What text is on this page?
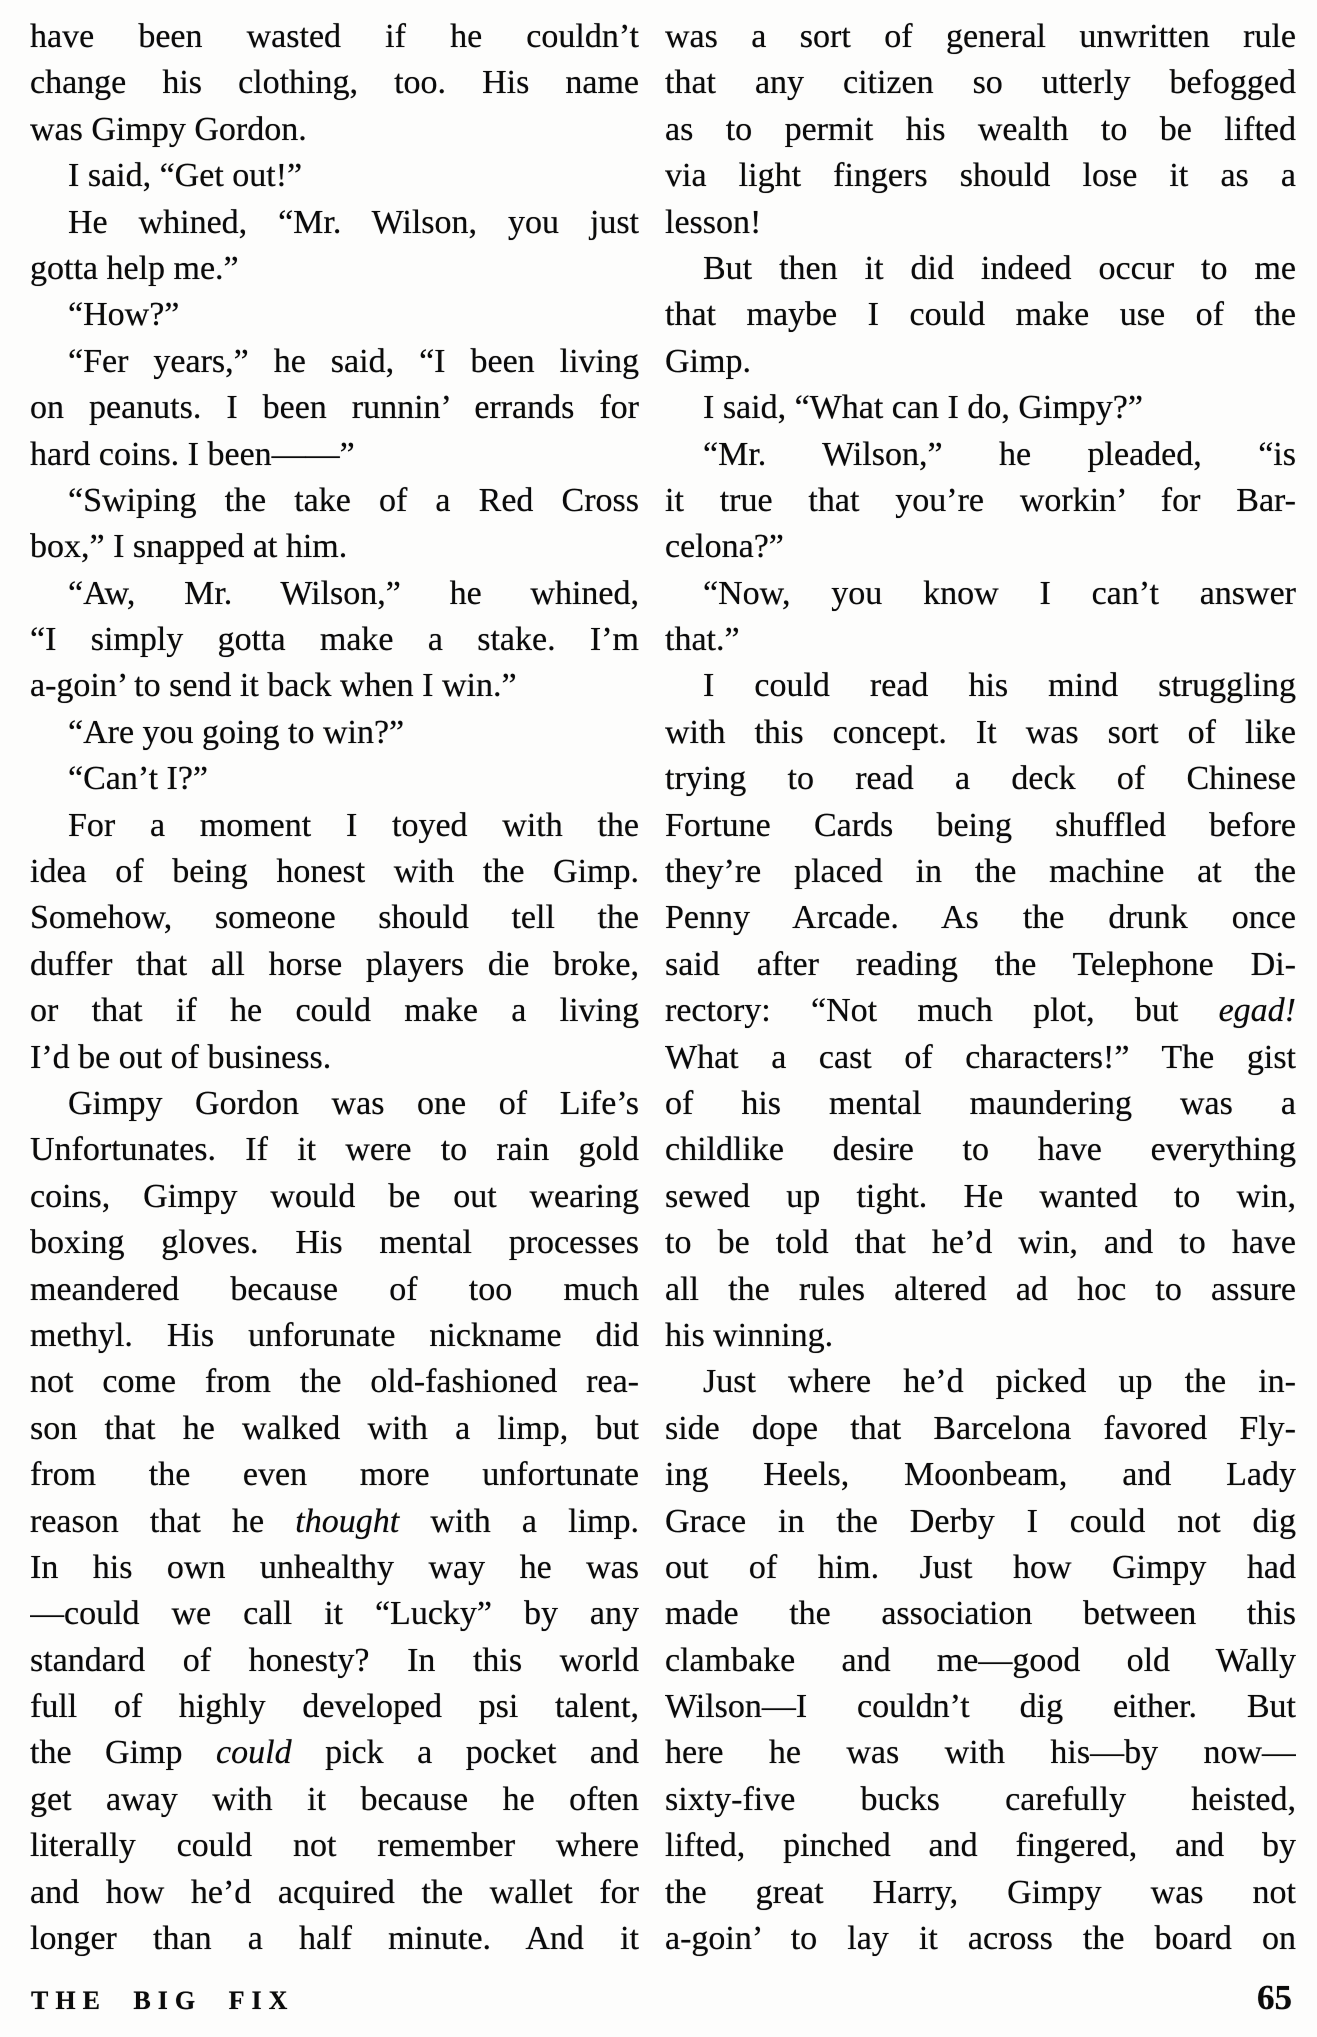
have been wasted if he couldn’t
change his clothing, too. His name
was Gimpy Gordon.
I said, “Get out!”
He whined, “Mr. Wilson, you just
gotta help me.”
“How?”
“Fer years,” he said, “I been living
on peanuts. I been runnin’ errands for
hard coins. I been——”
“Swiping the take of a Red Cross
box,” I snapped at him.
“Aw, Mr. Wilson,” he whined,
“I simply gotta make a stake. I’m
a-goin’ to send it back when I win.”
“Are you going to win?”
“Can’t I?”
For a moment I toyed with the
idea of being honest with the Gimp.
Somehow, someone should tell the
duffer that all horse players die broke,
or that if he could make a living
I’d be out of business.
Gimpy Gordon was one of Life’s
Unfortunates. If it were to rain gold
coins, Gimpy would be out wearing
boxing gloves. His mental processes
meandered because of too much
methyl. His unforunate nickname did
not come from the old-fashioned rea-
son that he walked with a limp, but
from the even more unfortunate
reason that he thought with a limp.
In his own unhealthy way he was
—could we call it “Lucky” by any
standard of honesty? In this world
full of highly developed psi talent,
the Gimp could pick a pocket and
get away with it because he often
literally could not remember where
and how he’d acquired the wallet for
longer than a half minute. And it
was a sort of general unwritten rule
that any citizen so utterly befogged
as to permit his wealth to be lifted
via light fingers should lose it as a
lesson!
But then it did indeed occur to me
that maybe I could make use of the
Gimp.
I said, “What can I do, Gimpy?”
“Mr. Wilson,” he pleaded, “is
it true that you’re workin’ for Bar-
celona?”
“Now, you know I can’t answer
that.”
I could read his mind struggling
with this concept. It was sort of like
trying to read a deck of Chinese
Fortune Cards being shuffled before
they’re placed in the machine at the
Penny Arcade. As the drunk once
said after reading the Telephone Di-
rectory: “Not much plot, but egad!
What a cast of characters!” The gist
of his mental maundering was a
childlike desire to have everything
sewed up tight. He wanted to win,
to be told that he’d win, and to have
all the rules altered ad hoc to assure
his winning.
Just where he’d picked up the in-
side dope that Barcelona favored Fly-
ing Heels, Moonbeam, and Lady
Grace in the Derby I could not dig
out of him. Just how Gimpy had
made the association between this
clambake and me—good old Wally
Wilson—I couldn’t dig either. But
here he was with his—by now—
sixty-five bucks carefully heisted,
lifted, pinched and fingered, and by
the great Harry, Gimpy was not
a-goin’ to lay it across the board on
THE BIG FIX	65
